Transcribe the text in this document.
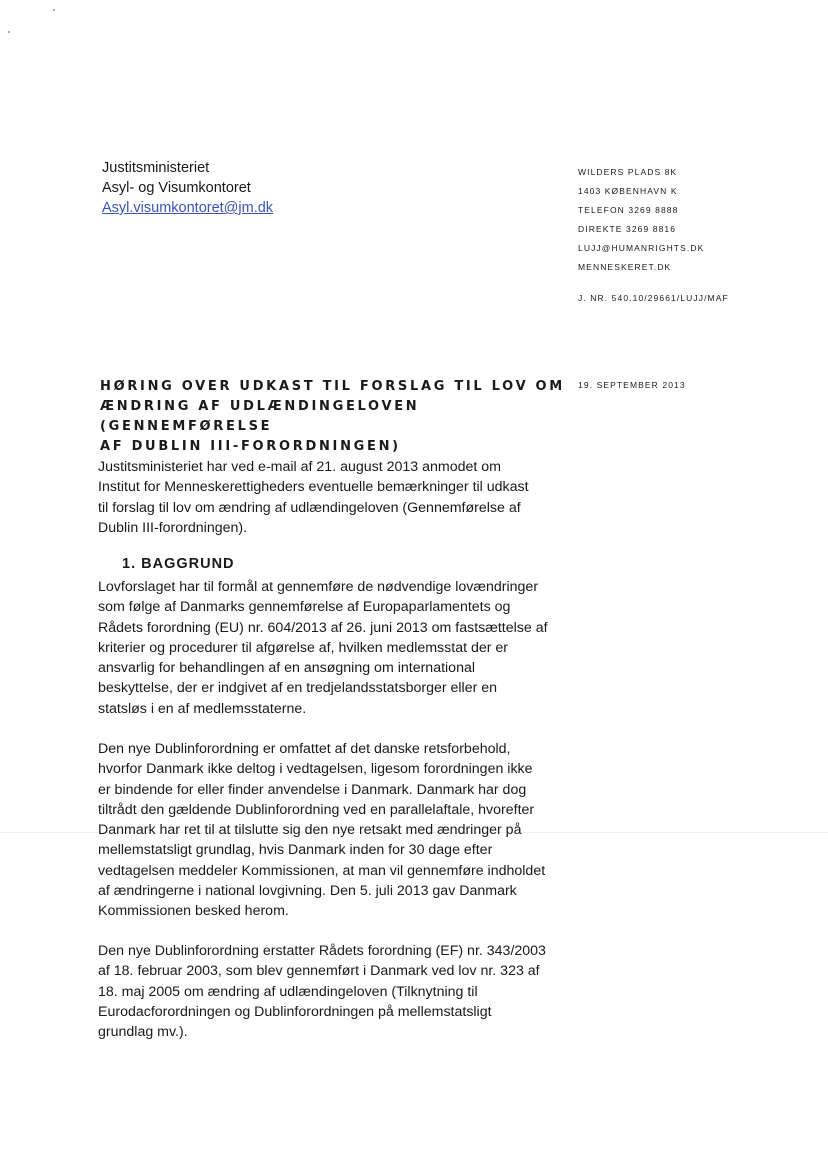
Justitsministeriet
Asyl- og Visumkontoret
Asyl.visumkontoret@jm.dk
WILDERS PLADS 8K
1403 KØBENHAVN K
TELEFON 3269 8888
DIREKTE 3269 8816
LUJJ@HUMANRIGHTS.DK
MENNESKERET.DK
J. NR. 540.10/29661/LUJJ/MAF
HØRING OVER UDKAST TIL FORSLAG TIL LOV OM
ÆNDRING AF UDLÆNDINGELOVEN (GENNEMFØRELSE
AF DUBLIN III-FORORDNINGEN)
19. SEPTEMBER 2013
Justitsministeriet har ved e-mail af 21. august 2013 anmodet om
Institut for Menneskerettigheders eventuelle bemærkninger til udkast
til forslag til lov om ændring af udlændingeloven (Gennemførelse af
Dublin III-forordningen).
1. BAGGRUND
Lovforslaget har til formål at gennemføre de nødvendige lovændringer
som følge af Danmarks gennemførelse af Europaparlamentets og
Rådets forordning (EU) nr. 604/2013 af 26. juni 2013 om fastsættelse af
kriterier og procedurer til afgørelse af, hvilken medlemsstat der er
ansvarlig for behandlingen af en ansøgning om international
beskyttelse, der er indgivet af en tredjelandsstatsborger eller en
statsløs i en af medlemsstaterne.
Den nye Dublinforordning er omfattet af det danske retsforbehold,
hvorfor Danmark ikke deltog i vedtagelsen, ligesom forordningen ikke
er bindende for eller finder anvendelse i Danmark. Danmark har dog
tiltrådt den gældende Dublinforordning ved en parallelaftale, hvorefter
Danmark har ret til at tilslutte sig den nye retsakt med ændringer på
mellemstatsligt grundlag, hvis Danmark inden for 30 dage efter
vedtagelsen meddeler Kommissionen, at man vil gennemføre indholdet
af ændringerne i national lovgivning. Den 5. juli 2013 gav Danmark
Kommissionen besked herom.
Den nye Dublinforordning erstatter Rådets forordning (EF) nr. 343/2003
af 18. februar 2003, som blev gennemført i Danmark ved lov nr. 323 af
18. maj 2005 om ændring af udlændingeloven (Tilknytning til
Eurodacforordningen og Dublinforordningen på mellemstatsligt
grundlag mv.).
